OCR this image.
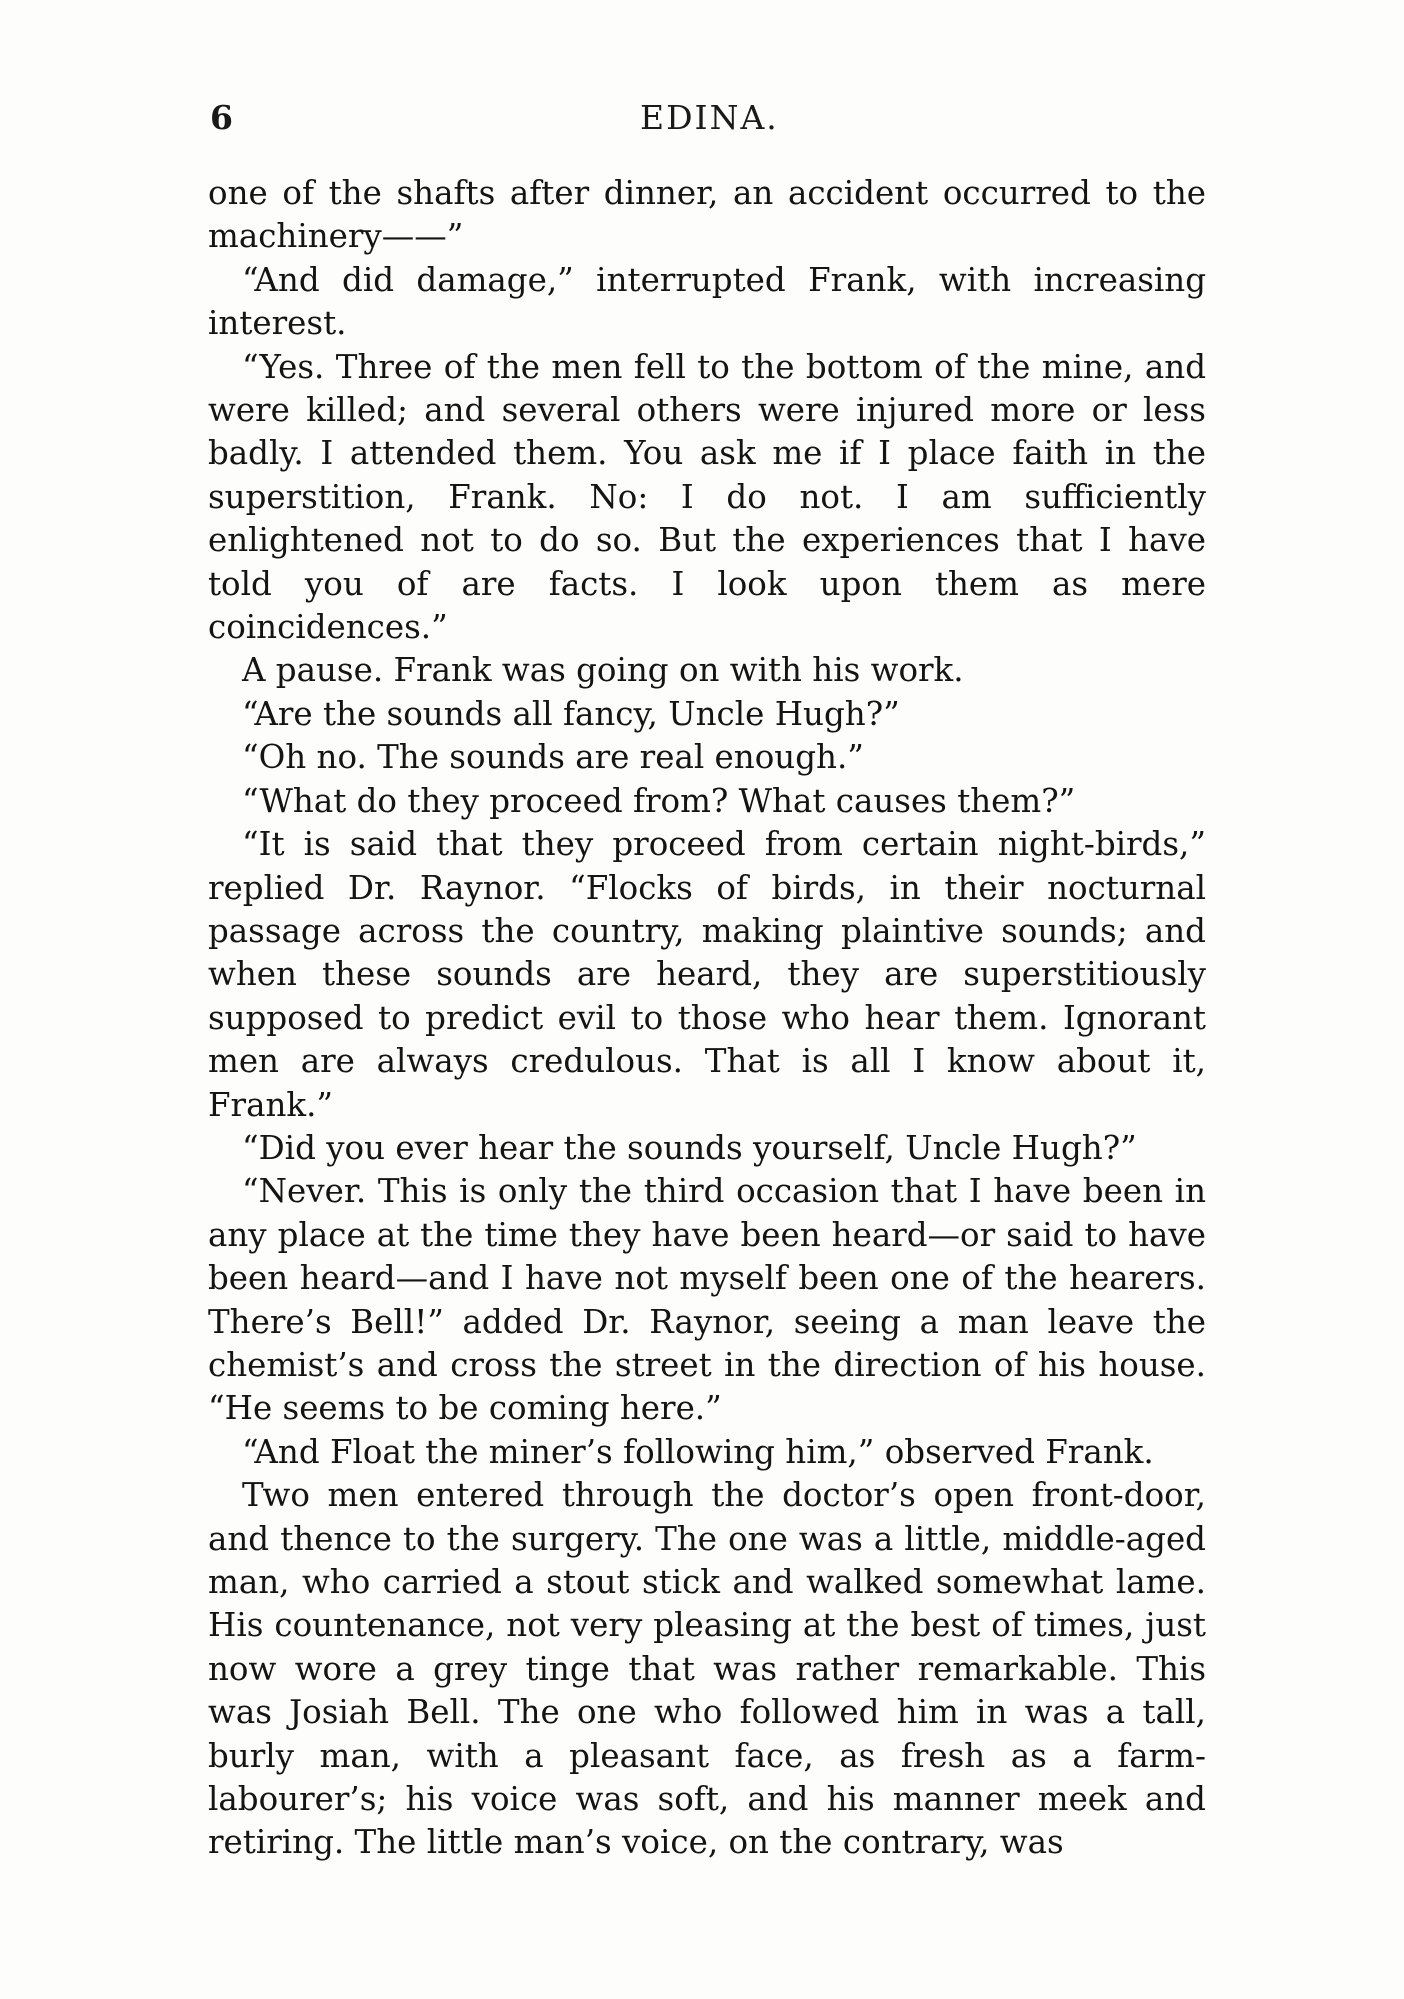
6	EDINA.

one of the shafts after dinner, an accident occurred to the machinery——”

“And did damage,” interrupted Frank, with increasing interest.

“Yes. Three of the men fell to the bottom of the mine, and were killed; and several others were injured more or less badly. I attended them. You ask me if I place faith in the superstition, Frank. No: I do not. I am sufficiently enlightened not to do so. But the experiences that I have told you of are facts. I look upon them as mere coincidences.”

A pause. Frank was going on with his work.

“Are the sounds all fancy, Uncle Hugh?”

“Oh no. The sounds are real enough.”

“What do they proceed from? What causes them?”

“It is said that they proceed from certain night-birds,” replied Dr. Raynor. “Flocks of birds, in their nocturnal passage across the country, making plaintive sounds; and when these sounds are heard, they are superstitiously supposed to predict evil to those who hear them. Ignorant men are always credulous. That is all I know about it, Frank.”

“Did you ever hear the sounds yourself, Uncle Hugh?”

“Never. This is only the third occasion that I have been in any place at the time they have been heard—or said to have been heard—and I have not myself been one of the hearers. There’s Bell!” added Dr. Raynor, seeing a man leave the chemist’s and cross the street in the direction of his house. “He seems to be coming here.”

“And Float the miner’s following him,” observed Frank.

Two men entered through the doctor’s open front-door, and thence to the surgery. The one was a little, middle-aged man, who carried a stout stick and walked somewhat lame. His countenance, not very pleasing at the best of times, just now wore a grey tinge that was rather remarkable. This was Josiah Bell. The one who followed him in was a tall, burly man, with a pleasant face, as fresh as a farm-labourer’s; his voice was soft, and his manner meek and retiring. The little man’s voice, on the contrary, was
